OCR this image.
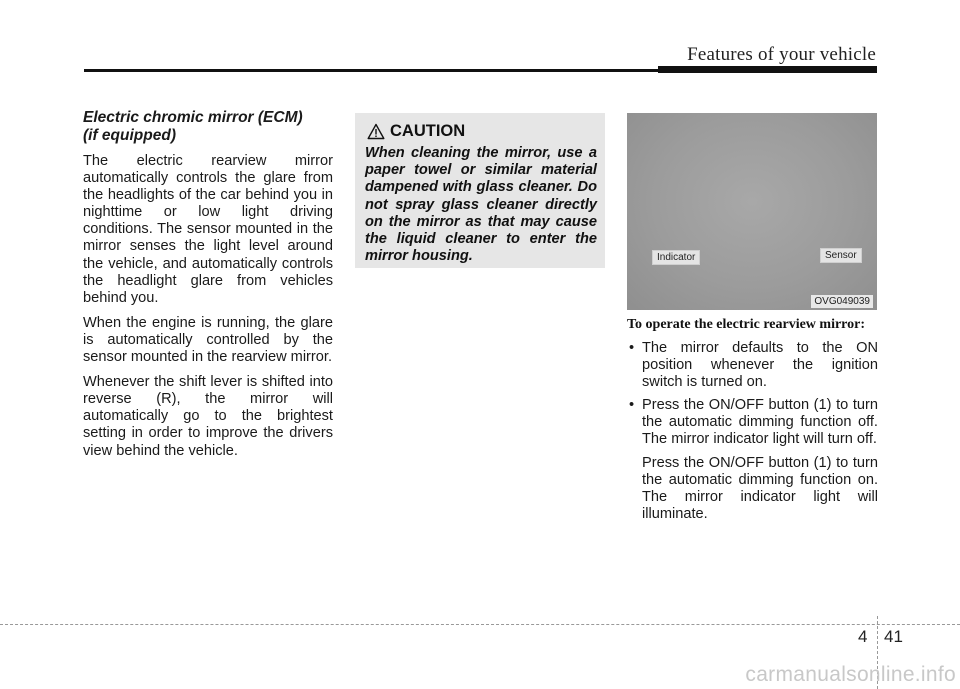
Features of your vehicle
Electric chromic mirror (ECM)
(if equipped)

The electric rearview mirror automatically controls the glare from the headlights of the car behind you in nighttime or low light driving conditions. The sensor mounted in the mirror senses the light level around the vehicle, and automatically controls the headlight glare from vehicles behind you.

When the engine is running, the glare is automatically controlled by the sensor mounted in the rearview mirror.

Whenever the shift lever is shifted into reverse (R), the mirror will automatically go to the brightest setting in order to improve the drivers view behind the vehicle.

CAUTION
When cleaning the mirror, use a paper towel or similar material dampened with glass cleaner. Do not spray glass cleaner directly on the mirror as that may cause the liquid cleaner to enter the mirror housing.	Indicator	Sensor
OVG049039
To operate the electric rearview mirror:
• The mirror defaults to the ON position whenever the ignition switch is turned on.
• Press the ON/OFF button (1) to turn the automatic dimming function off. The mirror indicator light will turn off.
Press the ON/OFF button (1) to turn the automatic dimming function on. The mirror indicator light will illuminate.
4 41
carmanualsonline.info
